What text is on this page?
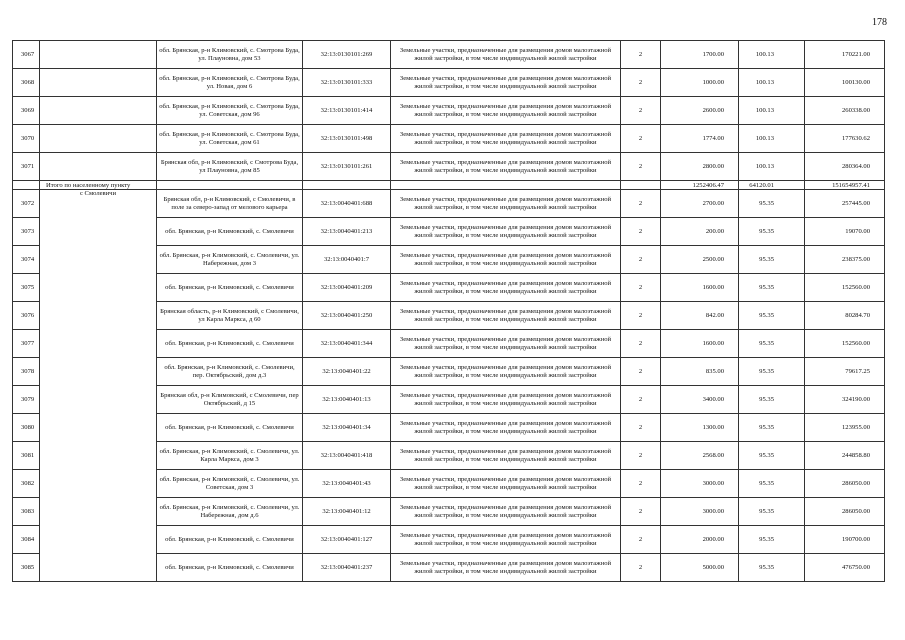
178
3067		обл. Брянская, р-н Климовский, с. Смотрова Буда, ул. Плауновна, дом 53	32:13:0130101:269	Земельные участки, предназначенные для размещения домов малоэтажной жилой застройки, в том числе индивидуальной жилой застройки	2	1700.00	100.13	170221.00
3068		обл. Брянская, р-н Климовский, с. Смотрова Буда, ул. Новая, дом 6	32:13:0130101:333	Земельные участки, предназначенные для размещения домов малоэтажной жилой застройки, в том числе индивидуальной жилой застройки	2	1000.00	100.13	100130.00
3069		обл. Брянская, р-н Климовский, с. Смотрова Буда, ул. Советская, дом 96	32:13:0130101:414	Земельные участки, предназначенные для размещения домов малоэтажной жилой застройки, в том числе индивидуальной жилой застройки	2	2600.00	100.13	260338.00
3070		обл. Брянская, р-н Климовский, с. Смотрова Буда, ул. Советская, дом 61	32:13:0130101:498	Земельные участки, предназначенные для размещения домов малоэтажной жилой застройки, в том числе индивидуальной жилой застройки	2	1774.00	100.13	177630.62
3071		Брянская обл, р-н Климовский, с Смотрова Буда, ул Плауновна, дом 85	32:13:0130101:261	Земельные участки, предназначенные для размещения домов малоэтажной жилой застройки, в том числе индивидуальной жилой застройки	2	2800.00	100.13	280364.00
	Итого по населенному пункту					1252406.47	64120.01	151654957.41
3072	с Смолевичи	Брянская обл, р-н Климовский, с Смолевичи, в поле за северо-запад от мелового карьера	32:13:0040401:688	Земельные участки, предназначенные для размещения домов малоэтажной жилой застройки, в том числе индивидуальной жилой застройки	2	2700.00	95.35	257445.00
3073		обл. Брянская, р-н Климовский, с. Смолевичи	32:13:0040401:213	Земельные участки, предназначенные для размещения домов малоэтажной жилой застройки, в том числе индивидуальной жилой застройки	2	200.00	95.35	19070.00
3074		обл. Брянская, р-н Климовский, с. Смолевичи, ул. Набережная, дом 3	32:13:0040401:7	Земельные участки, предназначенные для размещения домов малоэтажной жилой застройки, в том числе индивидуальной жилой застройки	2	2500.00	95.35	238375.00
3075		обл. Брянская, р-н Климовский, с. Смолевичи	32:13:0040401:209	Земельные участки, предназначенные для размещения домов малоэтажной жилой застройки, в том числе индивидуальной жилой застройки	2	1600.00	95.35	152560.00
3076		Брянская область, р-н Климовский, с Смолевичи, ул Карла Маркса, д 60	32:13:0040401:250	Земельные участки, предназначенные для размещения домов малоэтажной жилой застройки, в том числе индивидуальной жилой застройки	2	842.00	95.35	80284.70
3077		обл. Брянская, р-н Климовский, с. Смолевичи	32:13:0040401:344	Земельные участки, предназначенные для размещения домов малоэтажной жилой застройки, в том числе индивидуальной жилой застройки	2	1600.00	95.35	152560.00
3078		обл. Брянская, р-н Климовский, с. Смолевичи, пер. Октябрьский, дом д.3	32:13:0040401:22	Земельные участки, предназначенные для размещения домов малоэтажной жилой застройки, в том числе индивидуальной жилой застройки	2	835.00	95.35	79617.25
3079		Брянская обл, р-н Климовский, с Смолевичи, пер Октябрьский, д 15	32:13:0040401:13	Земельные участки, предназначенные для размещения домов малоэтажной жилой застройки, в том числе индивидуальной жилой застройки	2	3400.00	95.35	324190.00
3080		обл. Брянская, р-н Климовский, с. Смолевичи	32:13:0040401:34	Земельные участки, предназначенные для размещения домов малоэтажной жилой застройки, в том числе индивидуальной жилой застройки	2	1300.00	95.35	123955.00
3081		обл. Брянская, р-н Климовский, с. Смолевичи, ул. Карла Маркса, дом 3	32:13:0040401:418	Земельные участки, предназначенные для размещения домов малоэтажной жилой застройки, в том числе индивидуальной жилой застройки	2	2568.00	95.35	244858.80
3082		обл. Брянская, р-н Климовский, с. Смолевичи, ул. Советская, дом 3	32:13:0040401:43	Земельные участки, предназначенные для размещения домов малоэтажной жилой застройки, в том числе индивидуальной жилой застройки	2	3000.00	95.35	286050.00
3083		обл. Брянская, р-н Климовский, с. Смолевичи, ул. Набережная, дом д.6	32:13:0040401:12	Земельные участки, предназначенные для размещения домов малоэтажной жилой застройки, в том числе индивидуальной жилой застройки	2	3000.00	95.35	286050.00
3084		обл. Брянская, р-н Климовский, с. Смолевичи	32:13:0040401:127	Земельные участки, предназначенные для размещения домов малоэтажной жилой застройки, в том числе индивидуальной жилой застройки	2	2000.00	95.35	190700.00
3085		обл. Брянская, р-н Климовский, с. Смолевичи	32:13:0040401:237	Земельные участки, предназначенные для размещения домов малоэтажной жилой застройки, в том числе индивидуальной жилой застройки	2	5000.00	95.35	476750.00
